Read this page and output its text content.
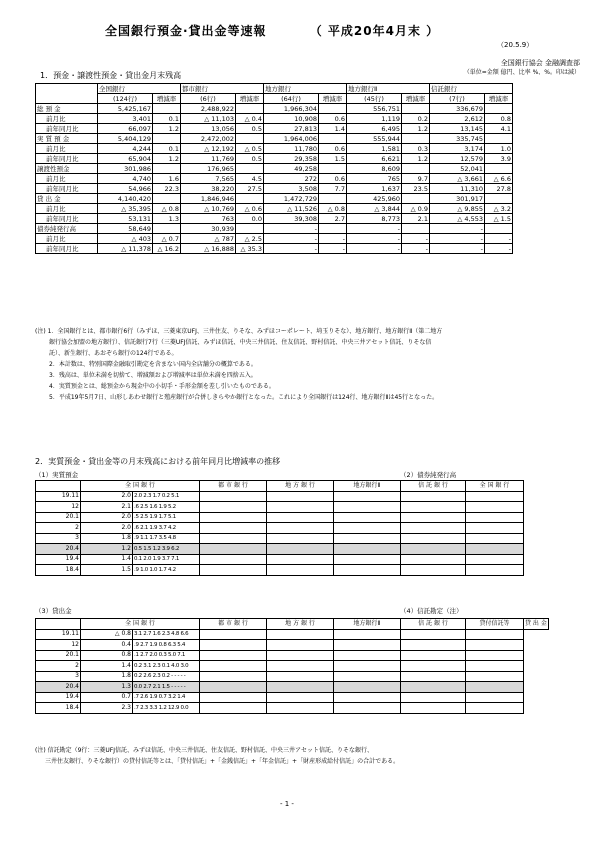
全国銀行預金·貸出金等速報	（ 平成20年4月末 ）
（20.5.9）
全国銀行協会 金融調査部
（単位=金額 億円、比率 %、%。印は減）
1．預金・譲渡性預金・貸出金月末残高
	全国銀行		都市銀行		地方銀行		地方銀行Ⅱ		信託銀行	
	(124行)	増減率	(6行)	増減率	(64行)	増減率	(45行)	増減率	(7行)	増減率
総 預 金	5,425,167		2,488,922		1,966,304		556,751		336,679	
前月比	3,401	0.1	△ 11,103	△ 0.4	10,908	0.6	1,119	0.2	2,612	0.8
前年同月比	66,097	1.2	13,056	0.5	27,813	1.4	6,495	1.2	13,145	4.1
実 質 預 金	5,404,129		2,472,002		1,964,006		555,944		335,745	
前月比	4,244	0.1	△ 12,192	△ 0.5	11,780	0.6	1,581	0.3	3,174	1.0
前年同月比	65,904	1.2	11,769	0.5	29,358	1.5	6,621	1.2	12,579	3.9
譲渡性預金	301,986		176,965		49,258		8,609		52,041	
前月比	4,740	1.6	7,565	4.5	272	0.6	765	9.7	△ 3,661	△ 6.6
前年同月比	54,966	22.3	38,220	27.5	3,508	7.7	1,637	23.5	11,310	27.8
貸 出 金	4,140,420		1,846,946		1,472,729		425,960		301,917	
前月比	△ 35,395	△ 0.8	△ 10,769	△ 0.6	△ 11,526	△ 0.8	△ 3,844	△ 0.9	△ 9,855	△ 3.2
前年同月比	53,131	1.3	763	0.0	39,308	2.7	8,773	2.1	△ 4,553	△ 1.5
債券純発行高	58,649		30,939		-		-		-	
前月比	△ 403	△ 0.7	△ 787	△ 2.5	-	-	-	-	-	-
前年同月比	△ 11,378	△ 16.2	△ 16,888	△ 35.3	-	-	-	-	-	-
(注) 1．全国銀行とは、都市銀行6行（みずほ、三菱東京UFJ、三井住友、りそな、みずほコーポレート、埼玉りそな）、地方銀行、地方銀行Ⅱ（第二地方
銀行協会加盟の地方銀行）、信託銀行7行（三菱UFJ信託、みずほ信託、中央三井信託、住友信託、野村信託、中央三井アセット信託、りそな信
託）、新生銀行、あおぞら銀行の124行である。
2．本計数は、特別国際金融取引勘定を含まない国内全店舗分の概算である。
3．残高は、単位未満を切捨て、増減額および増減率は単位未満を四捨五入。
4．実質預金とは、総預金から現金中の小切手・手形金額を差し引いたものである。
5．平成19年5月7日、山形しあわせ銀行と殖産銀行が合併しきらやか銀行となった。これにより全国銀行は124行、地方銀行Ⅱは45行となった。
2．実質預金・貸出金等の月末残高における前年同月比増減率の推移
（1）実質預金	（2）債券純発行高
	全 国 銀 行		都 市 銀 行	地 方 銀 行	地方銀行Ⅱ	信 託 銀 行	全 国 銀 行
19.11	2.0	2.0 2.3 1.7 0.2 5.1					
12	2.1	.6 2.5 1.6 1.9 5.2					
20.1	2.0	.5 2.5 1.9 1.7 5.1					
2	2.0	.6 2.1 1.9 3.7 4.2					
3	1.8	.9 1.1 1.7 3.5 4.8					
20.4	1.2	0.5 1.5 1.2 3.9 6.2					
19.4	1.4	0.1 2.0 1.9 3.7 7.1					
18.4	1.5	.9 1.0 1.0 1.7 4.2					
（3）貸出金	（4）信託勘定（注）
	全 国 銀 行		都 市 銀 行	地 方 銀 行	地方銀行Ⅱ	信 託 銀 行	貸付信託等	貸 出 金
19.11	△ 0.8	3.1 2.7 1.6 2.3 4.8 6.6						
12	0.4	.9 2.7 1.9 0.8 6.3 5.4						
20.1	0.8	.1 2.7 2.0 0.3 5.0 7.1						
2	1.4	0.2 3.1 2.3 0.1 4.0 3.0						
3	1.8	0.2 2.6 2.3 0.2 - - - - -						
20.4	1.3	0.0 2.7 2.1 1.5 - - - - -						
19.4	0.7	.7 2.6 1.9 0.7 3.2 1.4						
18.4	2.3	.7 2.3 3.3 1.2 12.9 0.0						
(注) 信託勘定（9行：三菱UFJ信託、みずほ信託、中央三井信託、住友信託、野村信託、中央三井アセット信託、りそな銀行、
三井住友銀行、りそな銀行）の貸付信託等とは、「貸付信託」+「金銭信託」+「年金信託」+「財産形成給付信託」の合計である。
- 1 -
